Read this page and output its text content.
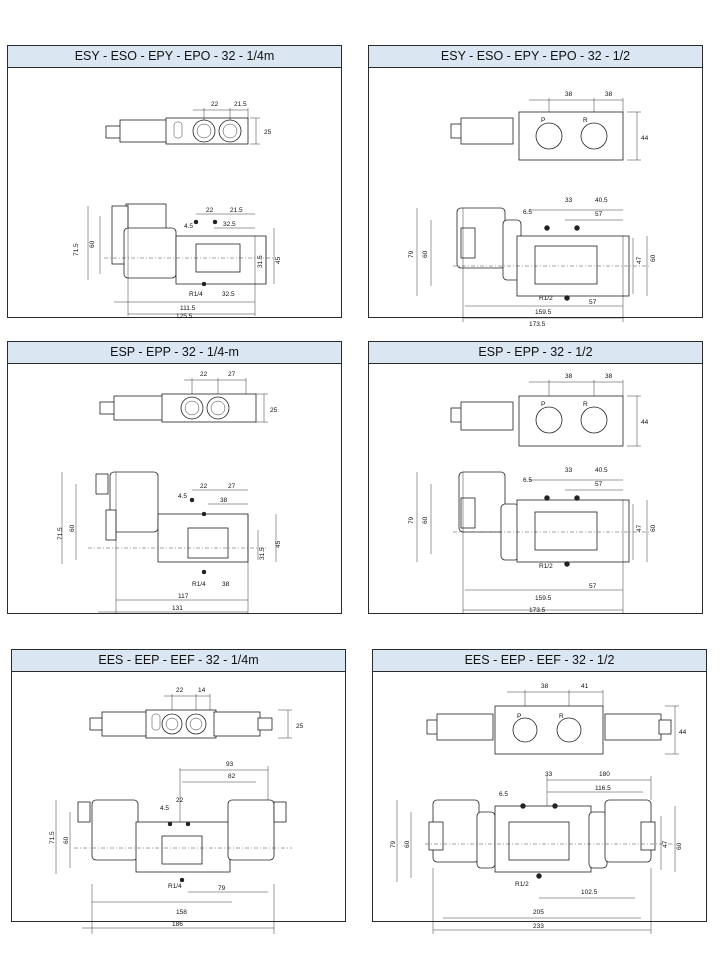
ESY - ESO - EPY - EPO - 32 - 1/4m
22 21.5
25
22	21.5
4.5	32.5
71.5 60
31.5 45
R1/4	32.5
111.5
125.5
ESY - ESO - EPY - EPO - 32 - 1/2
P	R
38	38
44
33	40.5
6.5	57
79 60
47 60
R1/2
57
159.5
173.5
ESP - EPP - 32 - 1/4-m
22	27
25
22	27
4.5
38
71.5 60
31.5
45
R1/4	38
117
131
ESP - EPP - 32 - 1/2
P	R
38	38
44
33	40.5
6.5
57
79 60
47 60
R1/2
57
159.5
173.5
EES - EEP - EEF - 32 - 1/4m
22 14
25
93
82
22
4.5
71.5 60
R1/4	79
158
186
EES - EEP - EEF - 32 - 1/2
P	R
38	41
44
33	180
116.5
6.5
79 60	47 60
R1/2
102.5
205
233
